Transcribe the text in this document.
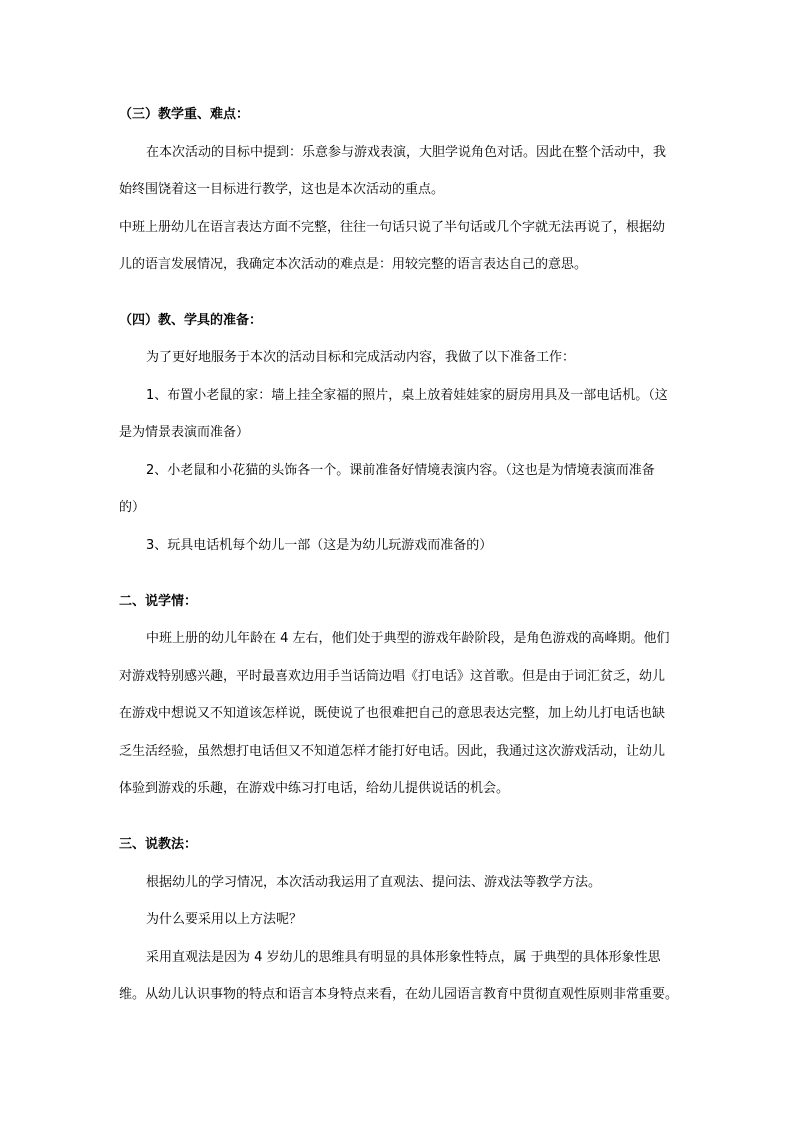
（三）教学重、难点：
在本次活动的目标中提到：乐意参与游戏表演，大胆学说角色对话。因此在整个活动中，我
始终围饶着这一目标进行教学，这也是本次活动的重点。
中班上册幼儿在语言表达方面不完整，往往一句话只说了半句话或几个字就无法再说了，根据幼
儿的语言发展情况，我确定本次活动的难点是：用较完整的语言表达自己的意思。
（四）教、学具的准备：
为了更好地服务于本次的活动目标和完成活动内容，我做了以下准备工作：
1、布置小老鼠的家：墙上挂全家福的照片，桌上放着娃娃家的厨房用具及一部电话机。（这
是为情景表演而准备）
2、小老鼠和小花猫的头饰各一个。课前准备好情境表演内容。（这也是为情境表演而准备
的）
3、玩具电话机每个幼儿一部（这是为幼儿玩游戏而准备的）
二、说学情：
中班上册的幼儿年龄在 4 左右，他们处于典型的游戏年龄阶段，是角色游戏的高峰期。他们
对游戏特别感兴趣，平时最喜欢边用手当话筒边唱《打电话》这首歌。但是由于词汇贫乏，幼儿
在游戏中想说又不知道该怎样说，既使说了也很难把自己的意思表达完整，加上幼儿打电话也缺
乏生活经验，虽然想打电话但又不知道怎样才能打好电话。因此，我通过这次游戏活动，让幼儿
体验到游戏的乐趣，在游戏中练习打电话，给幼儿提供说话的机会。
三、说教法：
根据幼儿的学习情况，本次活动我运用了直观法、提问法、游戏法等教学方法。
为什么要采用以上方法呢？
采用直观法是因为 4 岁幼儿的思维具有明显的具体形象性特点，属 于典型的具体形象性思
维。从幼儿认识事物的特点和语言本身特点来看，在幼儿园语言教育中贯彻直观性原则非常重要。
